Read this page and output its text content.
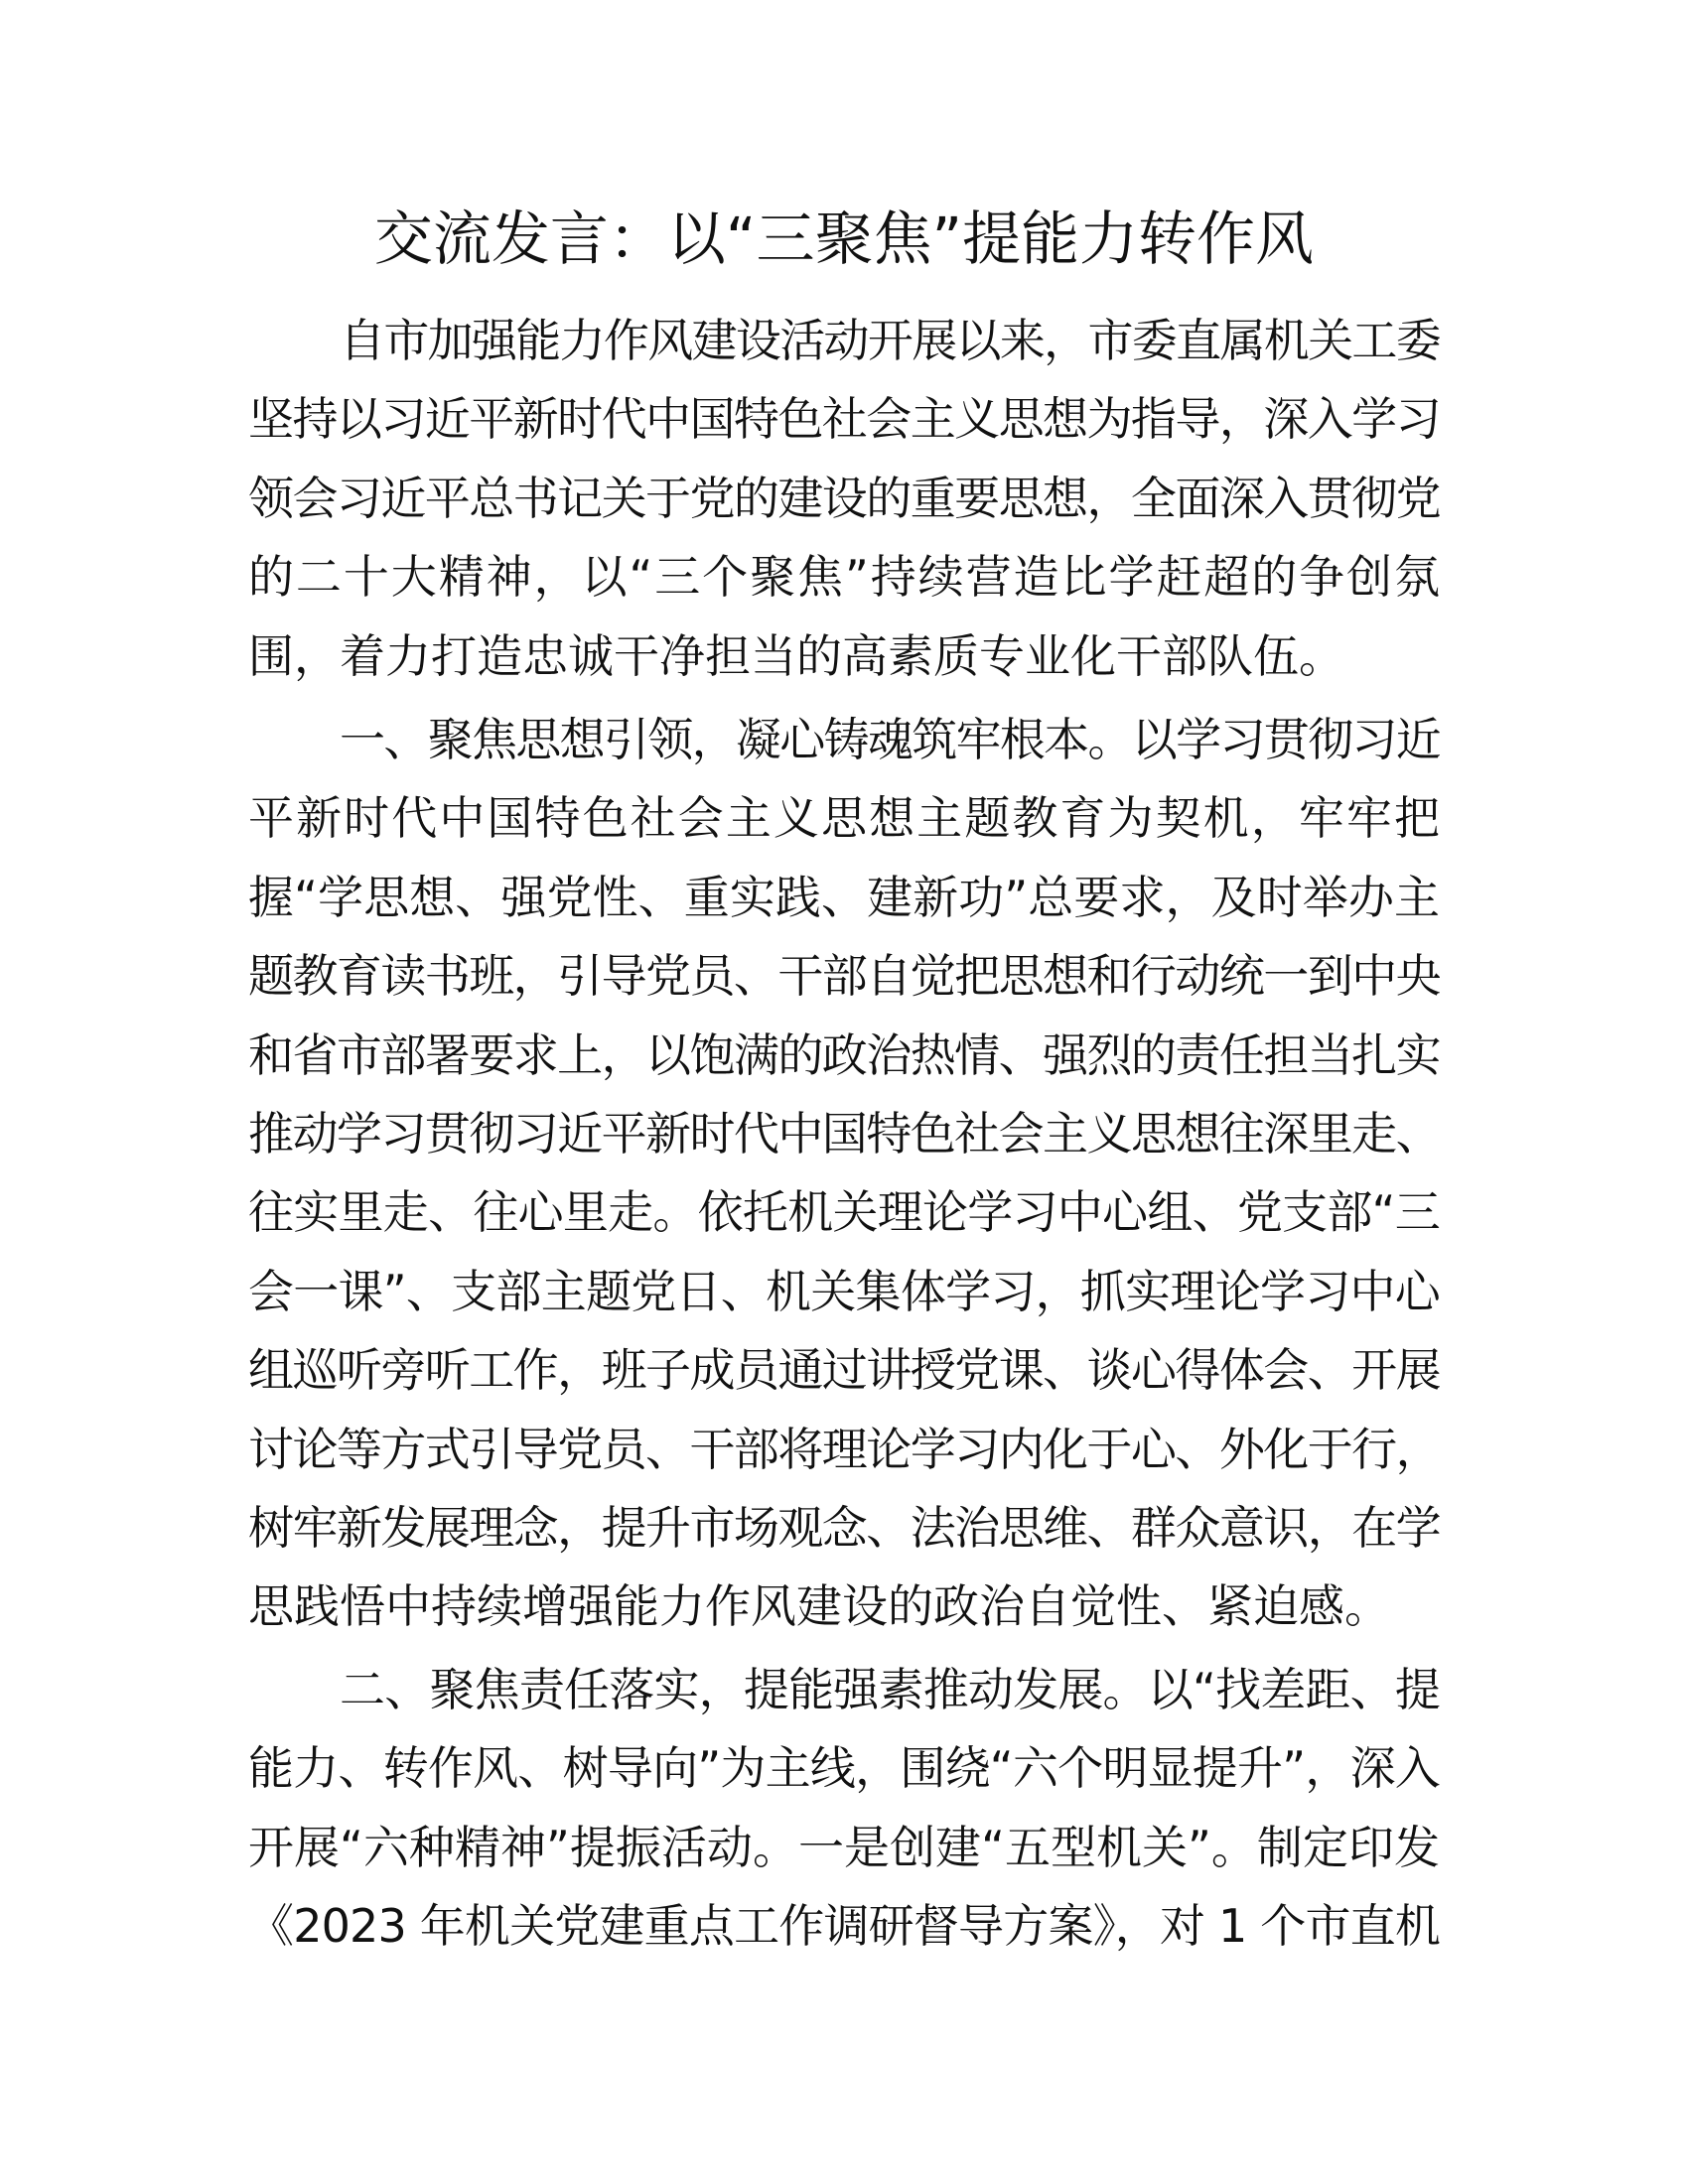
交流发言：以“三聚焦”提能力转作风
自市加强能力作风建设活动开展以来，市委直属机关工委
坚持以习近平新时代中国特色社会主义思想为指导，深入学习
领会习近平总书记关于党的建设的重要思想，全面深入贯彻党
的二十大精神，以“三个聚焦”持续营造比学赶超的争创氛
围，着力打造忠诚干净担当的高素质专业化干部队伍。
一、聚焦思想引领，凝心铸魂筑牢根本。以学习贯彻习近
平新时代中国特色社会主义思想主题教育为契机，牢牢把
握“学思想、强党性、重实践、建新功”总要求，及时举办主
题教育读书班，引导党员、干部自觉把思想和行动统一到中央
和省市部署要求上，以饱满的政治热情、强烈的责任担当扎实
推动学习贯彻习近平新时代中国特色社会主义思想往深里走、
往实里走、往心里走。依托机关理论学习中心组、党支部“三
会一课”、支部主题党日、机关集体学习，抓实理论学习中心
组巡听旁听工作，班子成员通过讲授党课、谈心得体会、开展
讨论等方式引导党员、干部将理论学习内化于心、外化于行，
树牢新发展理念，提升市场观念、法治思维、群众意识，在学
思践悟中持续增强能力作风建设的政治自觉性、紧迫感。
二、聚焦责任落实，提能强素推动发展。以“找差距、提
能力、转作风、树导向”为主线，围绕“六个明显提升”，深入
开展“六种精神”提振活动。一是创建“五型机关”。制定印发
《2023 年机关党建重点工作调研督导方案》，对 1 个市直机
